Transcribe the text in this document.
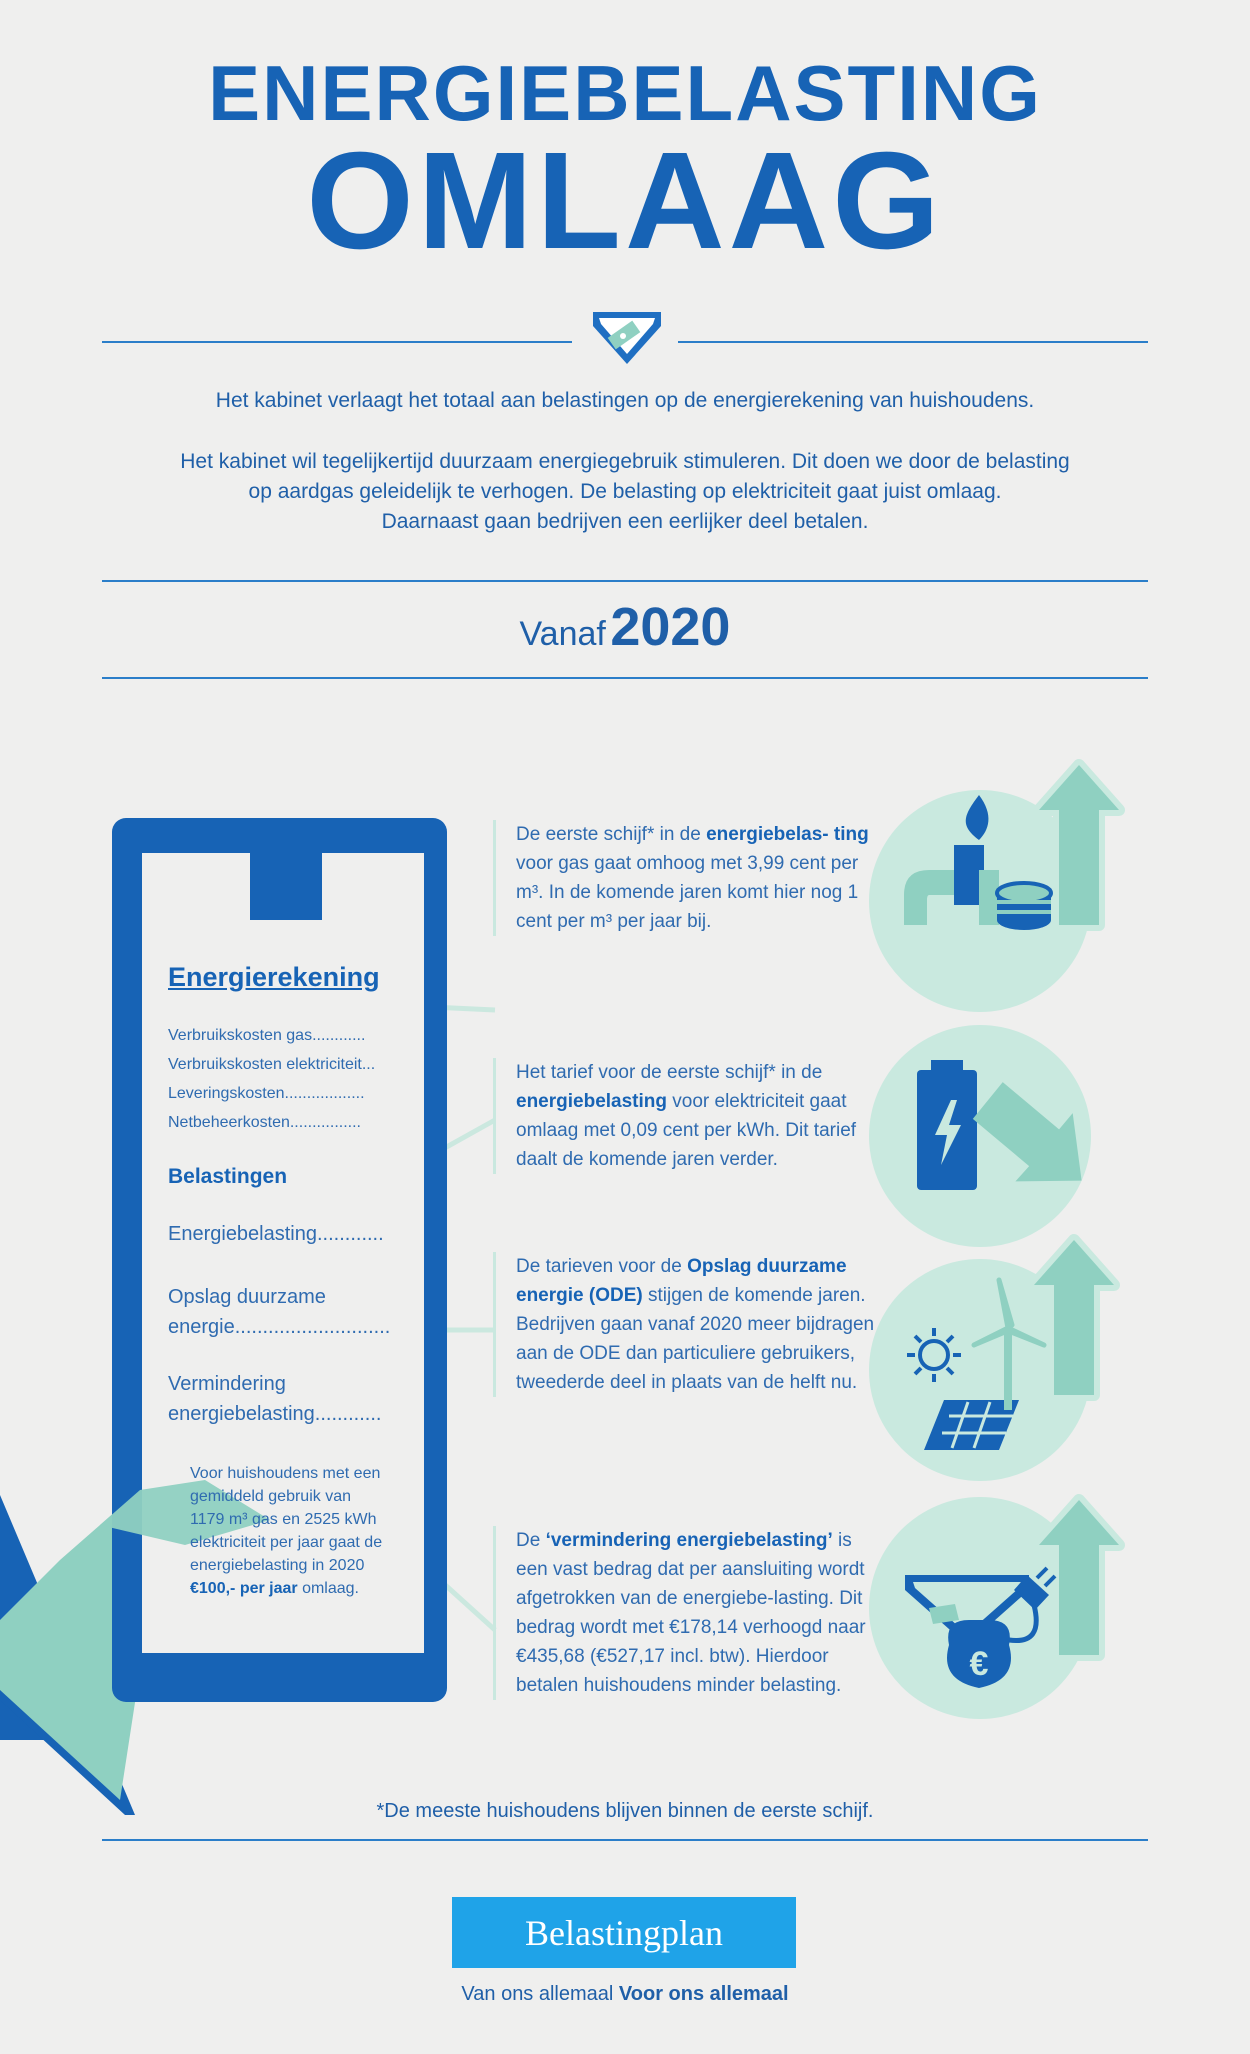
ENERGIEBELASTING
OMLAAG
Het kabinet verlaagt het totaal aan belastingen op de energierekening van huishoudens.
Het kabinet wil tegelijkertijd duurzaam energiegebruik stimuleren. Dit doen we door de belasting
op aardgas geleidelijk te verhogen. De belasting op elektriciteit gaat juist omlaag.
Daarnaast gaan bedrijven een eerlijker deel betalen.
Vanaf 2020
Energierekening
Verbruikskosten gas............
Verbruikskosten elektriciteit...
Leveringskosten..................
Netbeheerkosten................
Belastingen
Energiebelasting............
Opslag duurzame
energie............................
Vermindering
energiebelasting............
Voor huishoudens met een
gemiddeld gebruik van
1179 m³ gas en 2525 kWh
elektriciteit per jaar gaat de
energiebelasting in 2020
€100,- per jaar omlaag.
De eerste schijf* in de energiebelas- ting voor gas gaat omhoog met 3,99 cent per m³. In de komende jaren komt hier nog 1 cent per m³ per jaar bij.
Het tarief voor de eerste schijf* in de energiebelasting voor elektriciteit gaat omlaag met 0,09 cent per kWh. Dit tarief daalt de komende jaren verder.
De tarieven voor de Opslag duurzame energie (ODE) stijgen de komende jaren. Bedrijven gaan vanaf 2020 meer bijdragen aan de ODE dan particuliere gebruikers, tweederde deel in plaats van de helft nu.
De ‘vermindering energiebelasting’ is een vast bedrag dat per aansluiting wordt afgetrokken van de energiebe-lasting. Dit bedrag wordt met €178,14 verhoogd naar €435,68 (€527,17 incl. btw). Hierdoor betalen huishoudens minder belasting.
€
*De meeste huishoudens blijven binnen de eerste schijf.
Belastingplan
Van ons allemaal Voor ons allemaal
